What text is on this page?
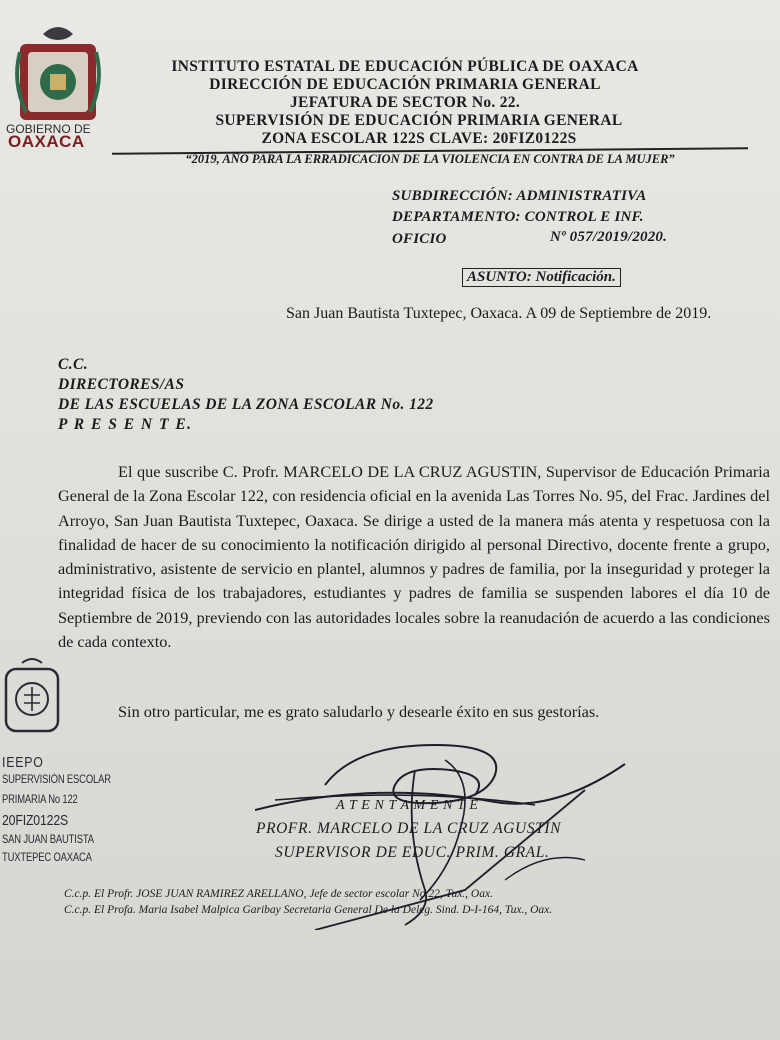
GOBIERNO DE
OAXACA
INSTITUTO ESTATAL DE EDUCACIÓN PÚBLICA DE OAXACA
DIRECCIÓN DE EDUCACIÓN PRIMARIA GENERAL
JEFATURA DE SECTOR No. 22.
SUPERVISIÓN DE EDUCACIÓN PRIMARIA GENERAL
ZONA ESCOLAR 122S CLAVE: 20FIZ0122S
“2019, AÑO PARA LA ERRADICACION DE LA VIOLENCIA EN CONTRA DE LA MUJER”
SUBDIRECCIÓN: ADMINISTRATIVA
DEPARTAMENTO: CONTROL E INF.
OFICIO	Nº 057/2019/2020.
ASUNTO: Notificación.
San Juan Bautista Tuxtepec, Oaxaca. A 09 de Septiembre de 2019.
C.C.
DIRECTORES/AS
DE LAS ESCUELAS DE LA ZONA ESCOLAR No. 122
P R E S E N T E.
El que suscribe C. Profr. MARCELO DE LA CRUZ AGUSTIN, Supervisor de Educación Primaria General de la Zona Escolar 122, con residencia oficial en la avenida Las Torres No. 95, del Frac. Jardines del Arroyo, San Juan Bautista Tuxtepec, Oaxaca. Se dirige a usted de la manera más atenta y respetuosa con la finalidad de hacer de su conocimiento la notificación dirigido al personal Directivo, docente frente a grupo, administrativo, asistente de servicio en plantel, alumnos y padres de familia, por la inseguridad y proteger la integridad física de los trabajadores, estudiantes y padres de familia se suspenden labores el día 10 de Septiembre de 2019, previendo con las autoridades locales sobre la reanudación de acuerdo a las condiciones de cada contexto.
Sin otro particular, me es grato saludarlo y desearle éxito en sus gestorías.
IEEPO
SUPERVISIÓN ESCOLAR
PRIMARIA No 122
20FIZ0122S
SAN JUAN BAUTISTA
TUXTEPEC OAXACA
A T E N T A M E N T E
PROFR. MARCELO DE LA CRUZ AGUSTIN
SUPERVISOR DE EDUC. PRIM. GRAL.
C.c.p. El Profr. JOSE JUAN RAMIREZ ARELLANO, Jefe de sector escolar No.22, Tux., Oax.
C.c.p. El Profa. Maria Isabel Malpica Garibay Secretaria General De la Deleg. Sind. D-I-164, Tux., Oax.
